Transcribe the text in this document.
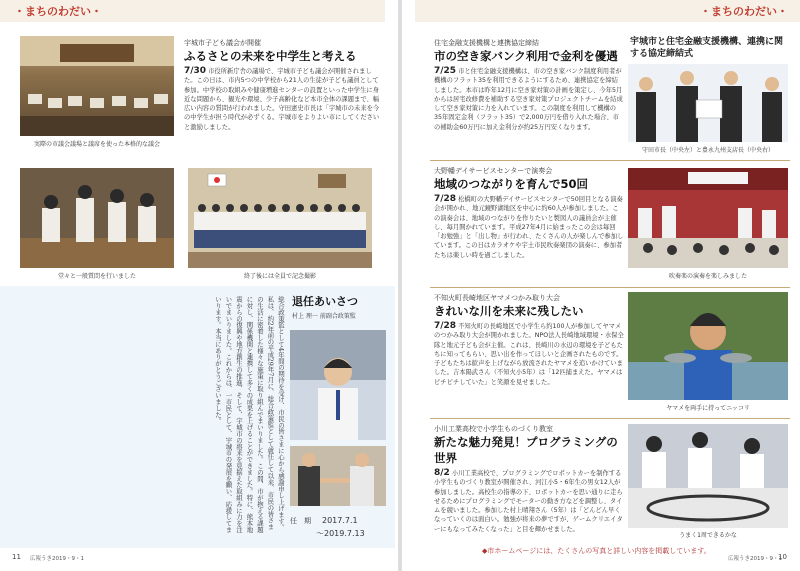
・まちのわだい・	・まちのわだい・
実際の市議会議場と議席を使った本格的な議会

宇城市子ども議会が開催

ふるさとの未来を中学生と考える

7/30 市役所新庁舎の議場で、宇城市子ども議会が開催されました。この日は、市内5つの中学校から21人の生徒が子ども議員として参加。中学校の取組みや健康増進センターの設置といった中学生に身近な問題から、観光や環境、少子高齢化など本市全体の課題まで、幅広い内容の質問が行われました。守田憲史市長は「宇城市の未来を今の中学生が担う時代が必ずくる。宇城市をよりよい市にしてくださいと激励しました。

堂々と一般質問を行いました	終了後には全員で記念撮影
総合政策監として4年間の期待を受け、市民の皆さまに心から感謝申し上げます。私は、約2年前の平成29年7月に、総合政策監として就任して以来、市民の皆さまの生活に密着した様々な施策に取り組んでまいりました。この間、市が抱える課題に対し、関係機関と連携して多くの成果を上げることができました。特に、熊本地震からの復興や地方創生の推進、そして、宇城市の将来を見据えた取組みに力を注いでまいりました。これからは、一市民として、宇城市の発展を願い、応援してまいります。本当にありがとうございました。	退任あいさつ
村上 理一 前副合政策監
任　期 2017.7.1
～2019.7.13
11 広報うき2019・9・1

住宅金融支援機構と連携協定締結

市の空き家バンク利用で金利を優遇

7/25 市と住宅金融支援機構は、市の空き家バンク制度利用者が機構のフラット35を利用できるようにするため、連携協定を締結しました。本市は昨年12月に空き家対策の計画を策定し、今年5月からは居宅改修費を補助する空き家対策プロジェクトチームを結成して空き家対策に力を入れています。この制度を利用して機構の35年固定金利（フラット35）で2,000万円を借り入れた場合、市の補助金60万円に加え金利分が約25万円安くなります。

宇城市と住宅金融支援機構、連携に関する協定締結式
守田市長（中央左）と豊永九州支店長（中央右）

大野幡デイサービスセンターで演奏会

地域のつながりを育んで50回

7/28 松橋町の大野幡デイサービスセンターで50回目となる演奏会が開かれ、地元鏡野湖地区を中心に約60人が参加しました。この演奏会は、地域のつながりを作りたいと製図人の議員会が主催し、毎月開かれています。平成27年4月に始まったこの会は毎回「お勉強」と「出し物」が行われ、たくさんの人が楽しんで参加しています。この日はカラオケや宇土市民吹奏楽団の演奏に、参加者たちは楽しい時を過ごしました。

吹奏楽の演奏を楽しみました

不知火町長崎地区ヤマメつかみ取り大会

きれいな川を未来に残したい

7/28 不知火町の長崎地区で小学生ら約100人が参加してヤマメのつかみ取り大会が開かれました。NPO法人長崎地域環境・水保全隊と地元子ども会が主催。これは、長崎川の水辺の環境を子どもたちに知ってもらい、思い出を作ってほしいと企画されたものです。子どもたちは歓声を上げながら放流されたヤマメを追いかけていました。吉本陽武さん（不知火小5年）は「12匹捕まえた。ヤマメはピチピチしていた」と笑顔を見せました。

ヤマメを両手に持ってニッコリ

小川工業高校で小学生ものづくり教室

新たな魅力発見！プログラミングの世界

8/2 小川工業高校で、プログラミングでロボットカーを制作する小学生ものづくり教室が開催され、河江小5・6年生の男女12人が参加しました。高校生の指導の下、ロボットカーを思い通りに走らせるためにプログラミングでモーターの動き方などを調整し、タイムを競いました。参加した村上晴翔さん（5年）は「どんどん早くなっていくのは面白い。勉強が将来の夢ですが、ゲームクリエイターにもなってみたくなった」と目を輝かせました。

うまく1周できるかな
◆市ホームページには、たくさんの写真と詳しい内容を掲載しています。
広報うき2019・9・1
10
